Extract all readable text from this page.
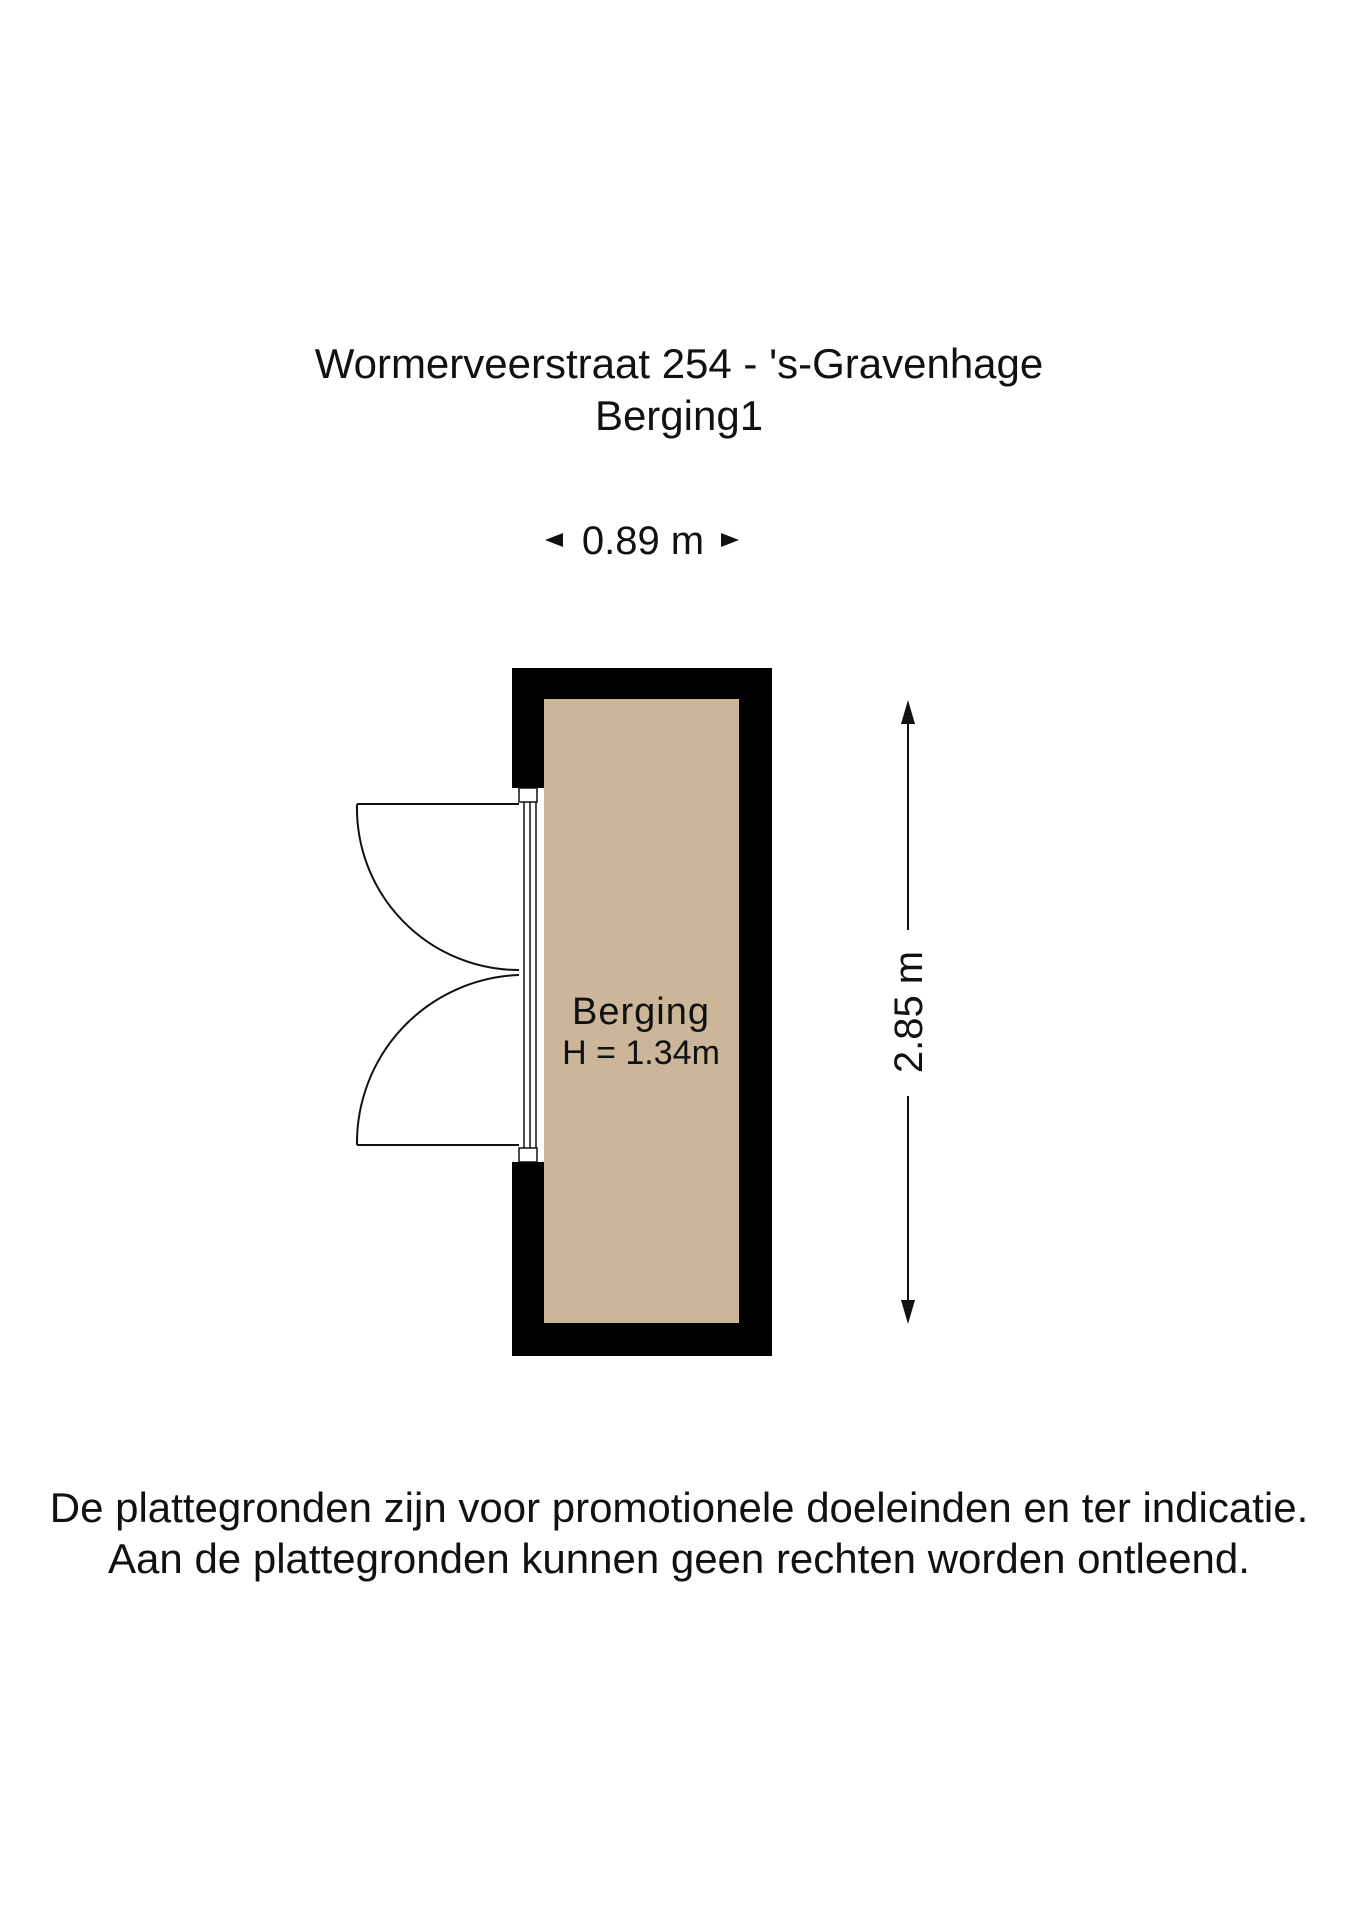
Wormerveerstraat 254 - 's-Gravenhage
Berging1
0.89 m
Berging
H = 1.34m	2.85 m
De plattegronden zijn voor promotionele doeleinden en ter indicatie.
Aan de plattegronden kunnen geen rechten worden ontleend.
